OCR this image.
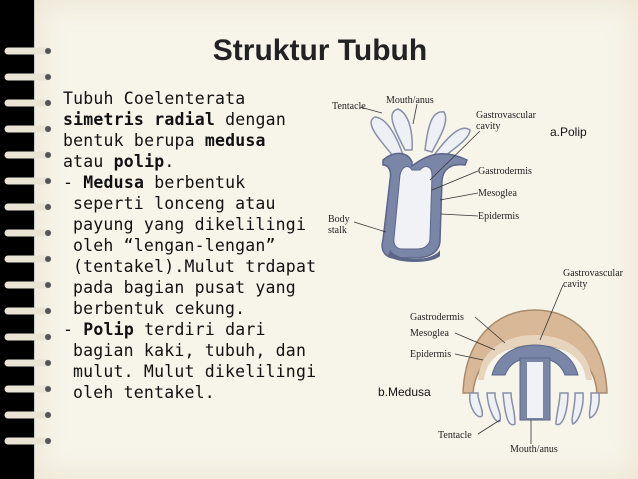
Struktur Tubuh
Tubuh Coelenterata
simetris radial dengan
bentuk berupa medusa
atau polip.
- Medusa berbentuk seperti lonceng atau payung yang dikelilingi oleh “lengan-lengan” (tentakel).Mulut trdapat pada bagian pusat yang berbentuk cekung.
- Polip terdiri dari bagian kaki, tubuh, dan mulut. Mulut dikelilingi oleh tentakel.
Tentacle
Mouth/anus
Gastrovascular cavity
Gastrodermis
Mesoglea
Epidermis
Body stalk
a.Polip
Gastrovascular cavity
Gastrodermis
Mesoglea
Epidermis
Tentacle
Mouth/anus
b.Medusa
